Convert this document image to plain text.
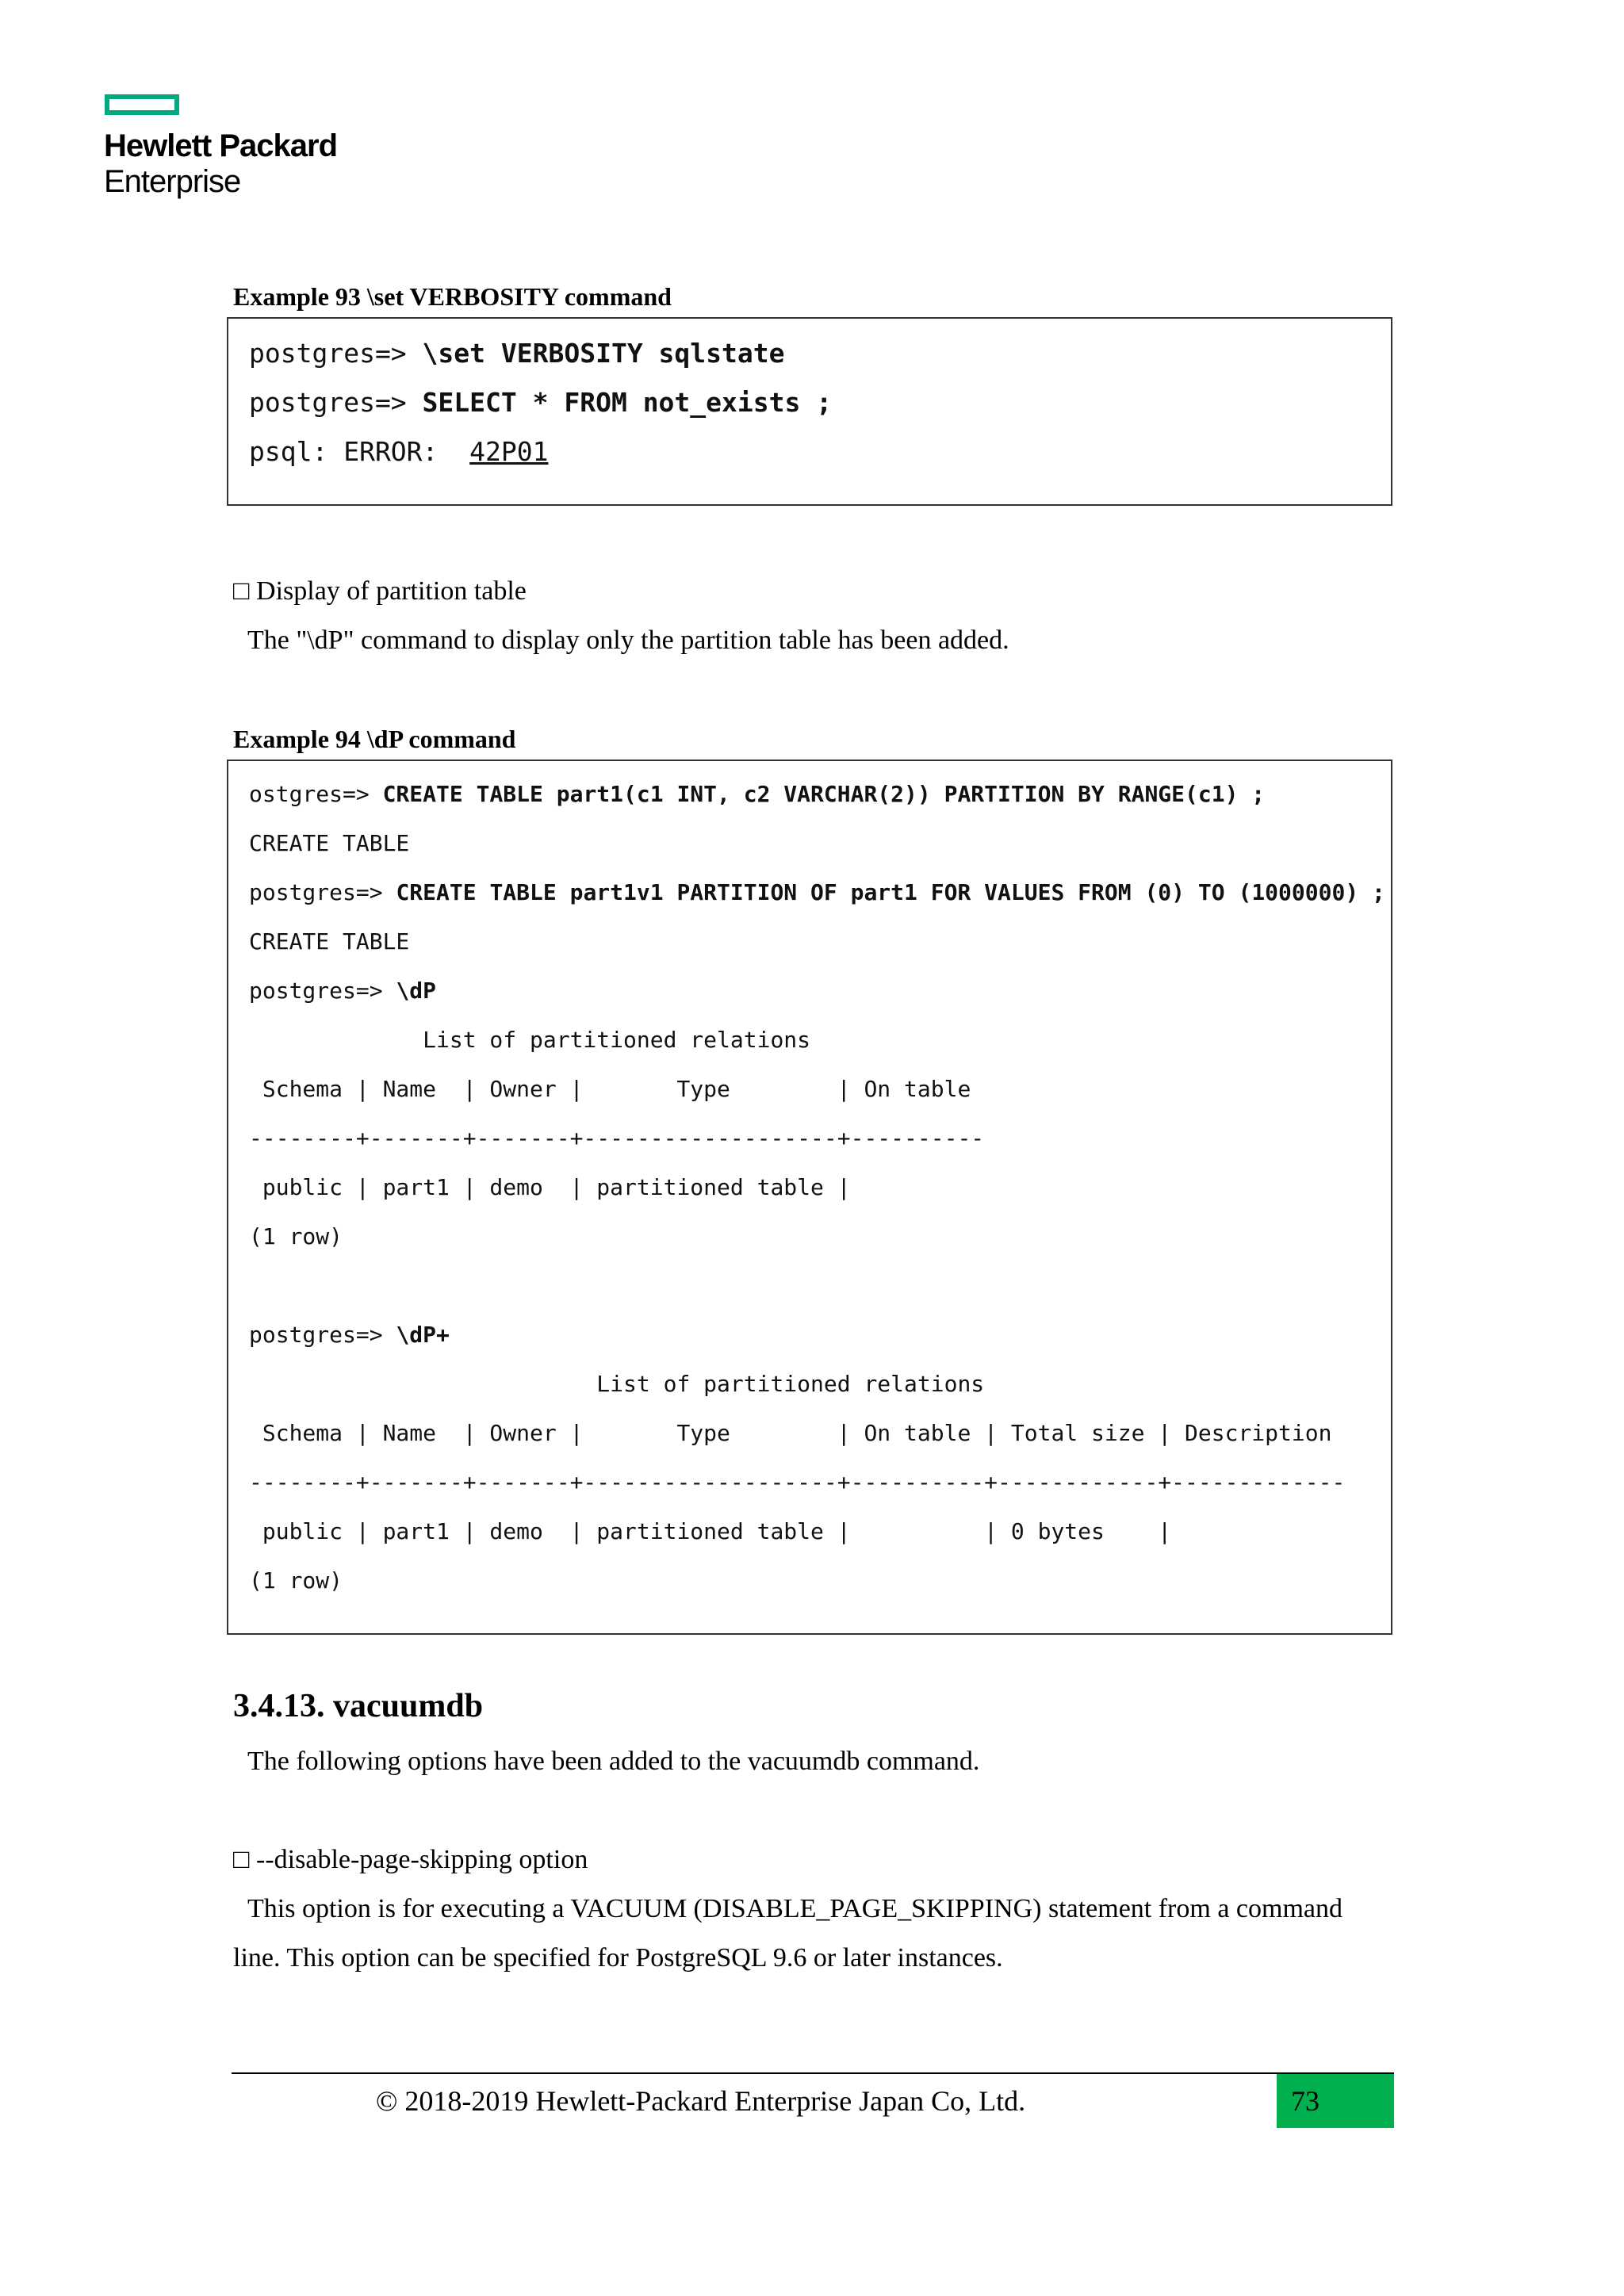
Hewlett Packard
Enterprise
Example 93 \set VERBOSITY command
postgres=> \set VERBOSITY sqlstate
postgres=> SELECT * FROM not_exists ;
psql: ERROR:  42P01
□ Display of partition table
The "\dP" command to display only the partition table has been added.
Example 94 \dP command
ostgres=> CREATE TABLE part1(c1 INT, c2 VARCHAR(2)) PARTITION BY RANGE(c1) ;
CREATE TABLE
postgres=> CREATE TABLE part1v1 PARTITION OF part1 FOR VALUES FROM (0) TO (1000000) ;
CREATE TABLE
postgres=> \dP
List of partitioned relations
Schema | Name  | Owner |       Type        | On table
--------+-------+-------+-------------------+----------
public | part1 | demo  | partitioned table |
(1 row)
postgres=> \dP+
List of partitioned relations
Schema | Name  | Owner |       Type        | On table | Total size | Description
--------+-------+-------+-------------------+----------+------------+-------------
public | part1 | demo  | partitioned table |          | 0 bytes    |
(1 row)
3.4.13. vacuumdb
The following options have been added to the vacuumdb command.
□ --disable-page-skipping option
This option is for executing a VACUUM (DISABLE_PAGE_SKIPPING) statement from a command
line. This option can be specified for PostgreSQL 9.6 or later instances.
© 2018-2019 Hewlett-Packard Enterprise Japan Co, Ltd.	73
